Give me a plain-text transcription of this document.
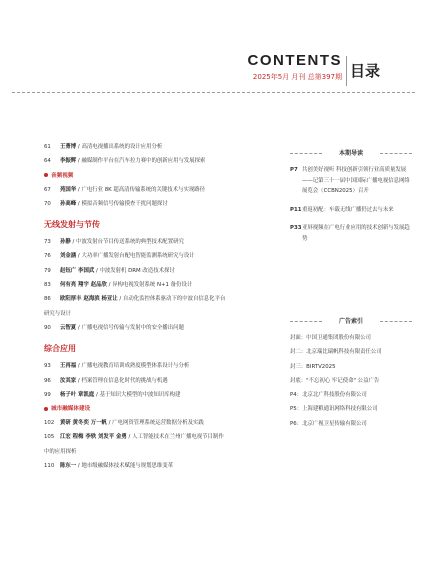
CONTENTS
2025年5月 月刊 总第397期 目录
61 王菁博 / 高清电视播出系统的设计应用分析
64 李振辉 / 融媒制作平台在汽车拉力赛中的创新应用与发展探索
音频视频
67 苑国华 / 广电行业 8K 超高清传输系统的关键技术与实现路径
70 孙高峰 / 模拟音频信号传输摸查干扰问题探讨
无线发射与节传
73 孙静 / 中波发射台节目传送系统的典型技术配置研究
76 刘金涵 / 大功率广播发射台配电智能监测系统研究与设计
79 赵钰广 李国武 / 中波发射机 DRM 改造技术探讨
83 何有亮 翔宇 赵品欣 / 异构电视发射系统 N+1 备份设计
86 欧阳厚丰 赵海滨 杨亚让 / 自动化监控体系驱动下的中波自信息化平台
研究与设计
90 云智夏 / 广播电视信号传输与发射中的安全播出问题
综合应用
93 王再福 / 广播电视教育培训成熟度模型体系设计与分析
96 汝其家 / 档案管理在信息化时代的挑战与机遇
99 杨子叶 章凯庭 / 基于知识大模型的中波知识库构建
城市融媒体建设
102 黄研 黄冬奕 万一帆 / 广电网资管理系统运营数据分析及实践
105 江宏 程梅 李轶 刘发平 金勇 / 人工智能技术在兰州广播电视节目制作
中的应用探析
110 陈东一 / 地市级融媒体技术赋能与规划思维变革
本期导读
P7 共创美好视听 科技创新引领行业高质量发展——记第三十一届中国国际广播电视信息网络展览会（CCBN2025）召开
P11 重返初配：车载无线广播仍过去与未来
P33 亚屏视频在广电行业应用的技术创新与发展趋势
广告索引
封面：中国卫通集团股份有限公司
封二：北京瑞比瑞帆科技有限责任公司
封三：BIRTV2025
封底："不忘初心 牢记使命" 公益广告
P4：北京北广科技股份有限公司
P5：上海建粮通讯网络科技有限公司
P6：北京广视卫星传输有限公司
